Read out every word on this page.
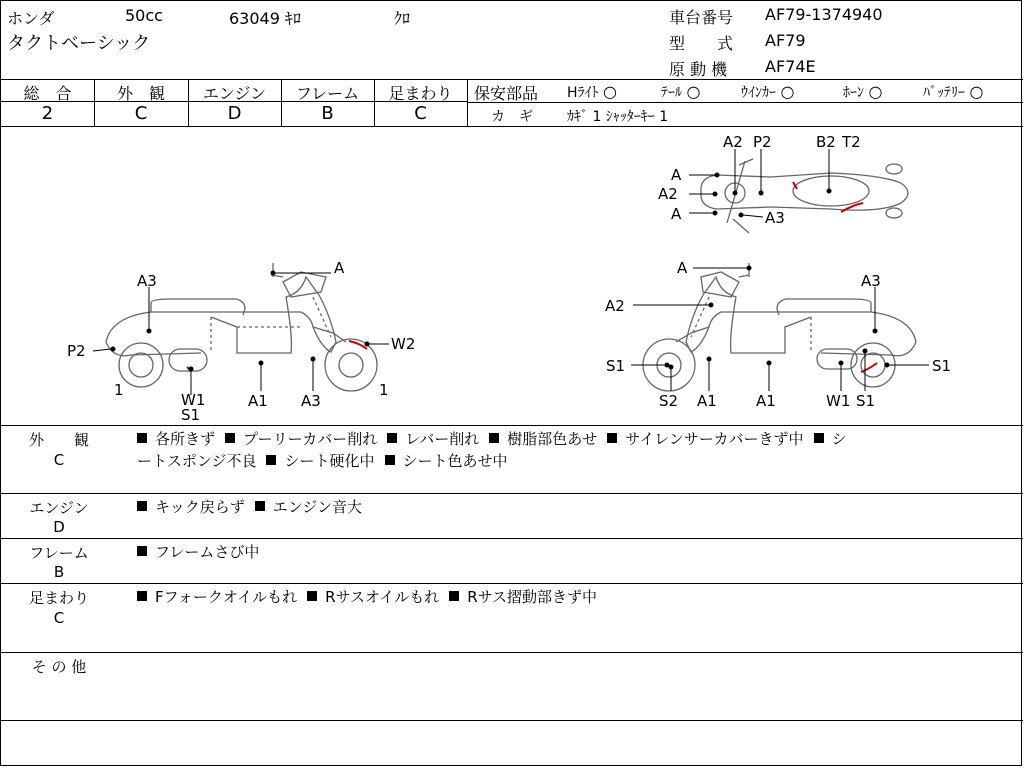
ホンダ	50cc	63049 ｷﾛ	ｸﾛ
タクトベーシック
車台番号 AF79-1374940
型　　式 AF79
原 動 機 AF74E
総　合
2
外　観
C
エンジン
D
フレーム
B
足まわり
C
保安部品 Hﾗｲﾄ ○	ﾃｰﾙ ○	ｳｲﾝｶｰ ○	ﾎｰﾝ ○	ﾊﾞｯﾃﾘｰ ○
カ　ギ ｶｷﾞ 1 ｼｬｯﾀｰｷｰ 1
A2 P2	B2 T2
A
A2
A	A3
A
A3
P2	W2
1
W1
S1
A1 A3
1
A
A3
A2
S1	S1
S2 A1	A1	W1 S1
外　　観
C
各所きず プーリーカバー削れ レバー削れ 樹脂部色あせ サイレンサーカバーきず中 シ
ートスポンジ不良 シート硬化中 シート色あせ中
エンジン
D
キック戻らず エンジン音大
フレーム
B
フレームさび中
足まわり
C
Fフォークオイルもれ Rサスオイルもれ Rサス摺動部きず中
そ の 他
